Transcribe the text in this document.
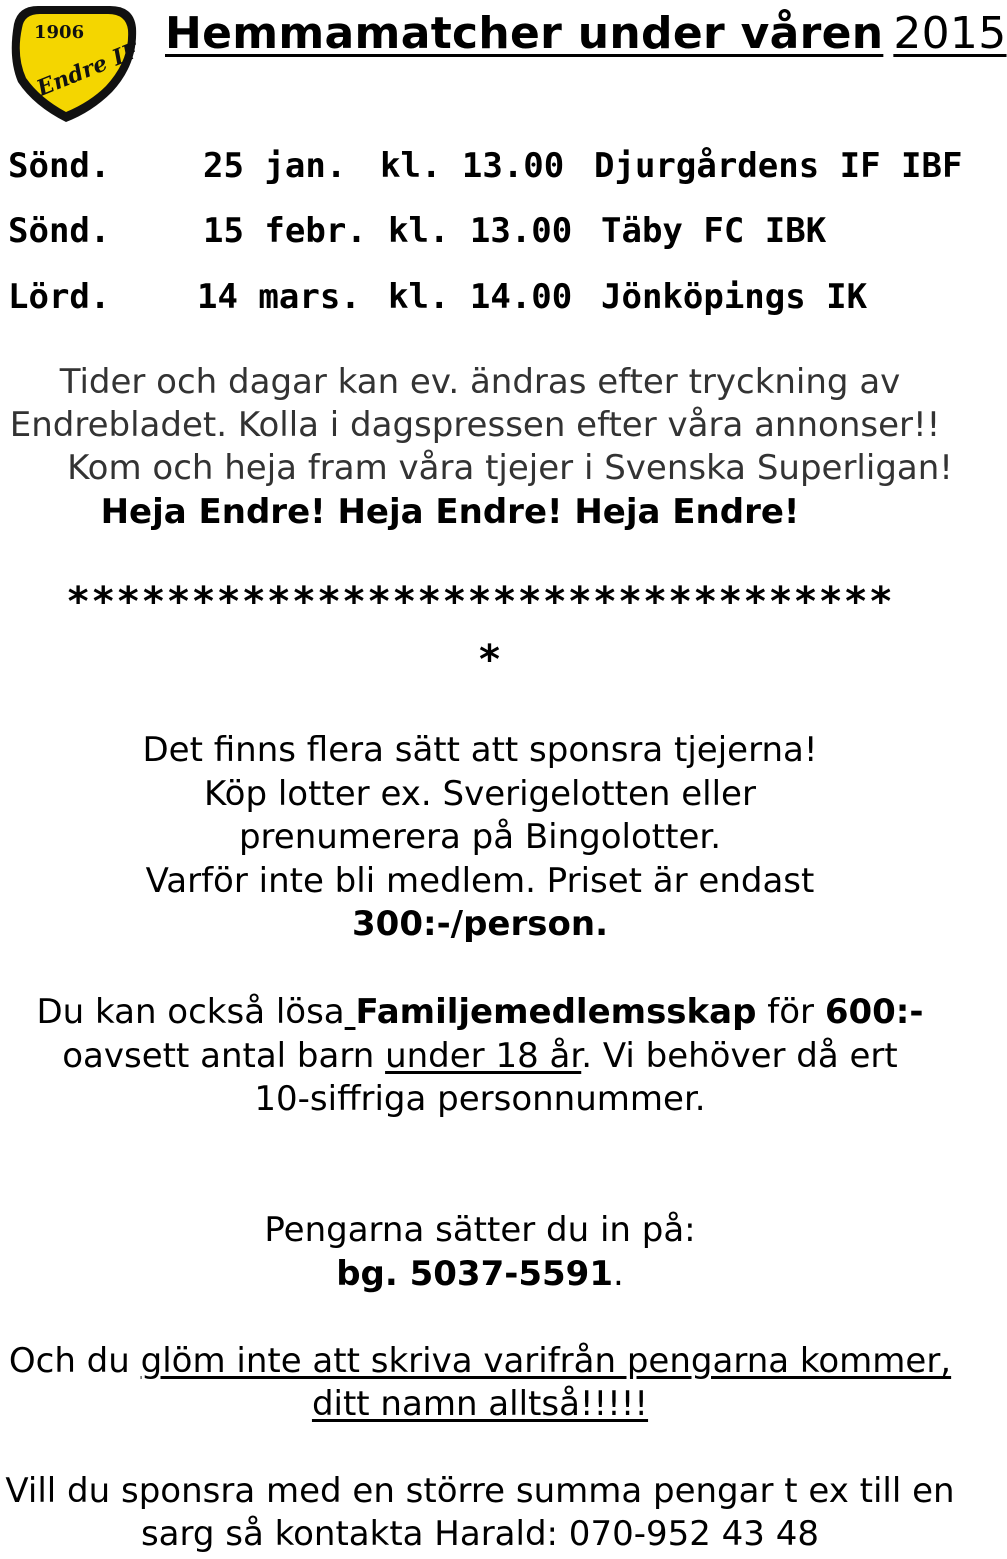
1906
Endre IF
Hemmamatcher under våren 2015
Sönd.	25 jan. kl. 13.00 Djurgårdens IF IBF
Sönd.	15 febr. kl. 13.00 Täby FC IBK
Lörd.	14 mars. kl. 14.00 Jönköpings IK
Tider och dagar kan ev. ändras efter tryckning av
Endrebladet. Kolla i dagspressen efter våra annonser!!
Kom och heja fram våra tjejer i Svenska Superligan!
Heja Endre! Heja Endre! Heja Endre!
*********************************
*
Det finns flera sätt att sponsra tjejerna!
Köp lotter ex. Sverigelotten eller
prenumerera på Bingolotter.
Varför inte bli medlem. Priset är endast
300:-/person.
Du kan också lösa Familjemedlemsskap för 600:-
oavsett antal barn under 18 år. Vi behöver då ert
10-siffriga personnummer.
Pengarna sätter du in på:
bg. 5037-5591.
Och du glöm inte att skriva varifrån pengarna kommer,
ditt namn alltså!!!!!
Vill du sponsra med en större summa pengar t ex till en
sarg så kontakta Harald: 070-952 43 48
